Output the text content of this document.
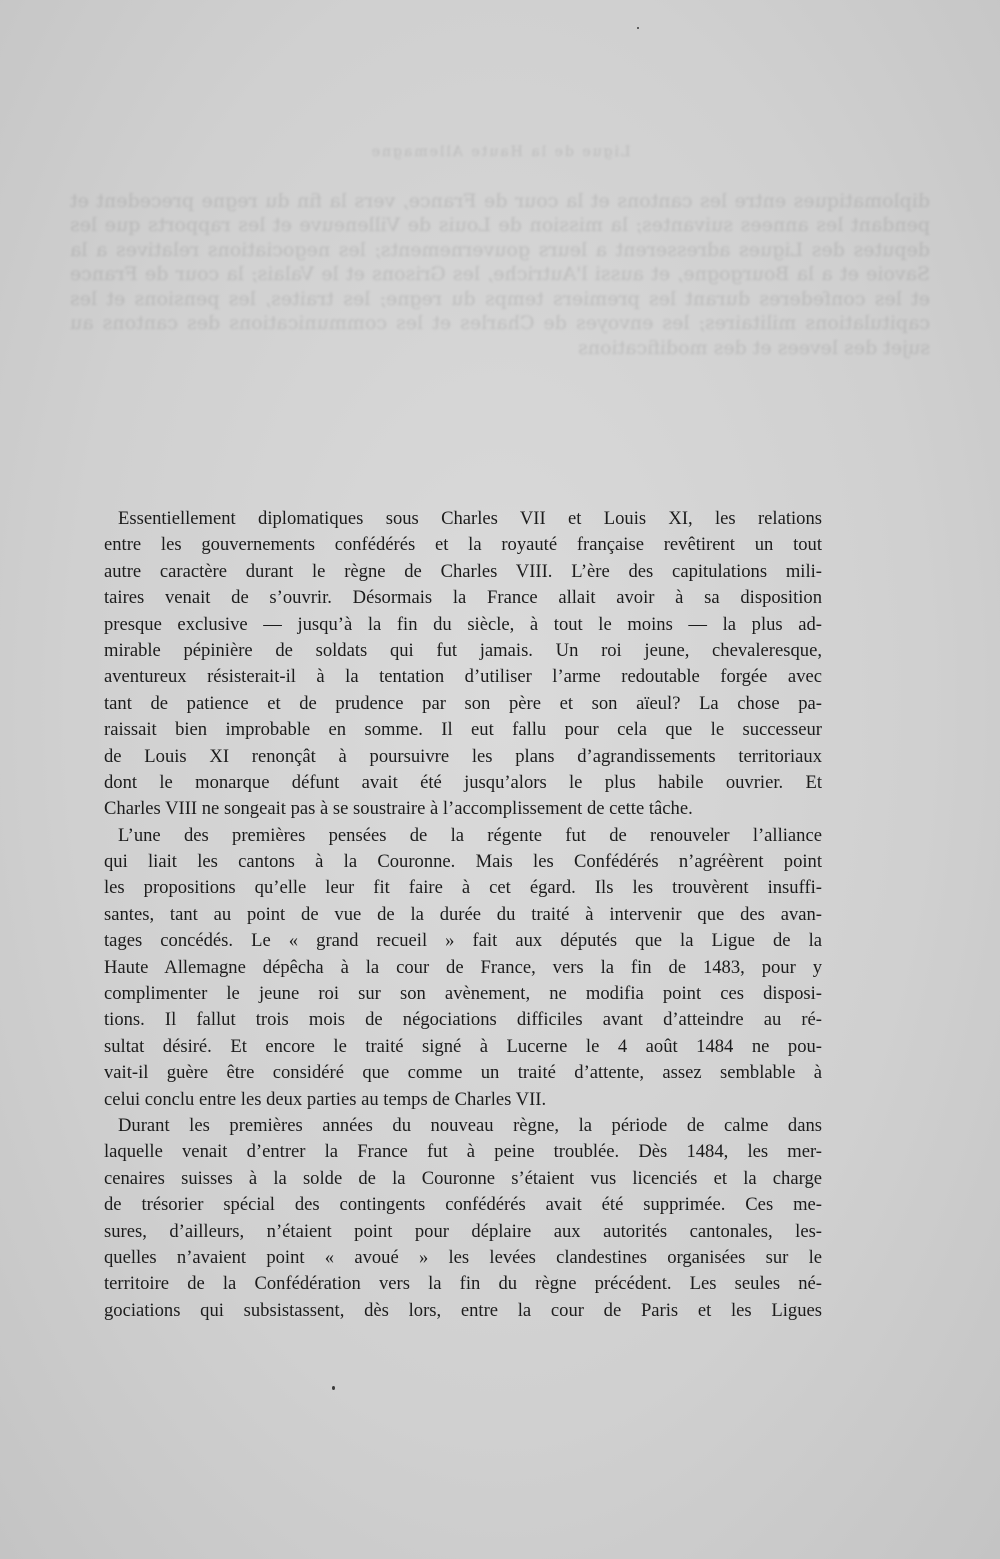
Ligue de la Haute Allemagne
diplomatiques entre les cantons et la cour de France, vers la fin du regne precedent et pendant les annees suivantes; la mission de Louis de Villeneuve et les rapports que les deputes des Ligues adresserent a leurs gouvernements; les negociations relatives a la Savoie et a la Bourgogne, et aussi l'Autriche, les Grisons et le Valais; la cour de France et les confederes durant les premiers temps du regne; les traites, les pensions et les capitulations militaires; les envoyes de Charles et les communications des cantons au sujet des levees et des modifications
Essentiellement diplomatiques sous Charles VII et Louis XI, les relations
entre les gouvernements confédérés et la royauté française revêtirent un tout
autre caractère durant le règne de Charles VIII. L’ère des capitulations mili-
taires venait de s’ouvrir. Désormais la France allait avoir à sa disposition
presque exclusive — jusqu’à la fin du siècle, à tout le moins — la plus ad-
mirable pépinière de soldats qui fut jamais. Un roi jeune, chevaleresque,
aventureux résisterait-il à la tentation d’utiliser l’arme redoutable forgée avec
tant de patience et de prudence par son père et son aïeul? La chose pa-
raissait bien improbable en somme. Il eut fallu pour cela que le successeur
de Louis XI renonçât à poursuivre les plans d’agrandissements territoriaux
dont le monarque défunt avait été jusqu’alors le plus habile ouvrier. Et
Charles VIII ne songeait pas à se soustraire à l’accomplissement de cette tâche.
L’une des premières pensées de la régente fut de renouveler l’alliance
qui liait les cantons à la Couronne. Mais les Confédérés n’agréèrent point
les propositions qu’elle leur fit faire à cet égard. Ils les trouvèrent insuffi-
santes, tant au point de vue de la durée du traité à intervenir que des avan-
tages concédés. Le « grand recueil » fait aux députés que la Ligue de la
Haute Allemagne dépêcha à la cour de France, vers la fin de 1483, pour y
complimenter le jeune roi sur son avènement, ne modifia point ces disposi-
tions. Il fallut trois mois de négociations difficiles avant d’atteindre au ré-
sultat désiré. Et encore le traité signé à Lucerne le 4 août 1484 ne pou-
vait-il guère être considéré que comme un traité d’attente, assez semblable à
celui conclu entre les deux parties au temps de Charles VII.
Durant les premières années du nouveau règne, la période de calme dans
laquelle venait d’entrer la France fut à peine troublée. Dès 1484, les mer-
cenaires suisses à la solde de la Couronne s’étaient vus licenciés et la charge
de trésorier spécial des contingents confédérés avait été supprimée. Ces me-
sures, d’ailleurs, n’étaient point pour déplaire aux autorités cantonales, les-
quelles n’avaient point « avoué » les levées clandestines organisées sur le
territoire de la Confédération vers la fin du règne précédent. Les seules né-
gociations qui subsistassent, dès lors, entre la cour de Paris et les Ligues
